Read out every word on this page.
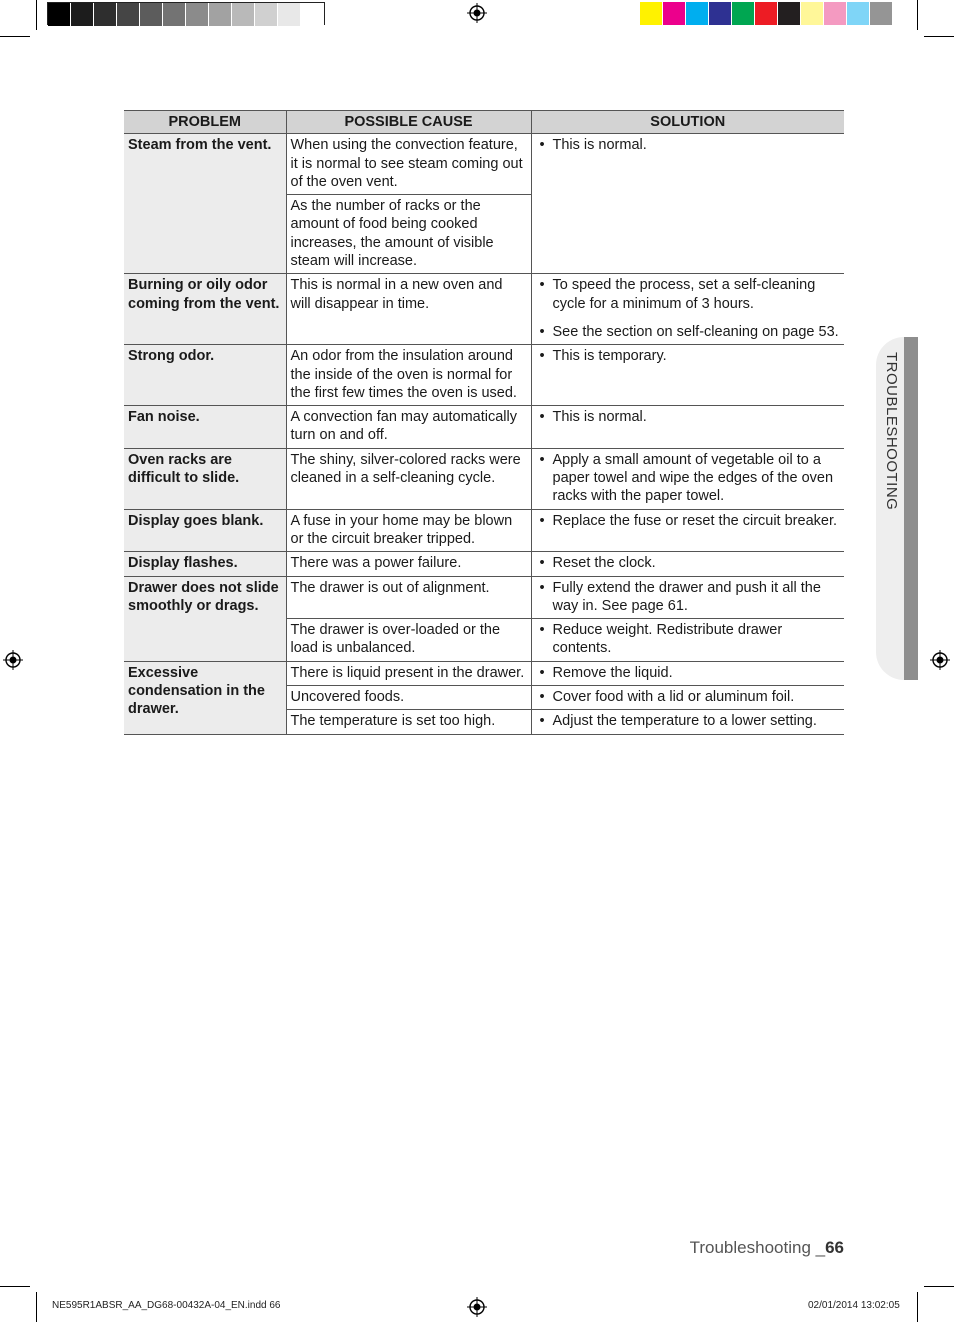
PROBLEM	POSSIBLE CAUSE	SOLUTION
Steam from the vent.	When using the convection feature, it is normal to see steam coming out of the oven vent.	• This is normal.

	As the number of racks or the amount of food being cooked increases, the amount of visible steam will increase.	
Burning or oily odor coming from the vent.	This is normal in a new oven and will disappear in time.	• To speed the process, set a self-cleaning cycle for a minimum of 3 hours.
• See the section on self-cleaning on page 53.

Strong odor.	An odor from the insulation around the inside of the oven is normal for the first few times the oven is used.	• This is temporary.

Fan noise.	A convection fan may automatically turn on and off.	• This is normal.

Oven racks are difficult to slide.	The shiny, silver-colored racks were cleaned in a self-cleaning cycle.	• Apply a small amount of vegetable oil to a paper towel and wipe the edges of the oven racks with the paper towel.

Display goes blank.	A fuse in your home may be blown or the circuit breaker tripped.	• Replace the fuse or reset the circuit breaker.

Display flashes.	There was a power failure.	• Reset the clock.

Drawer does not slide smoothly or drags.	The drawer is out of alignment.	• Fully extend the drawer and push it all the way in. See page 61.

	The drawer is over-loaded or the load is unbalanced.	• Reduce weight. Redistribute drawer contents.

Excessive condensation in the drawer.	There is liquid present in the drawer.	• Remove the liquid.

	Uncovered foods.	• Cover food with a lid or aluminum foil.

	The temperature is set too high.	• Adjust the temperature to a lower setting.
TROUBLESHOOTING
Troubleshooting _66
NE595R1ABSR_AA_DG68-00432A-04_EN.indd 66	02/01/2014 13:02:05
